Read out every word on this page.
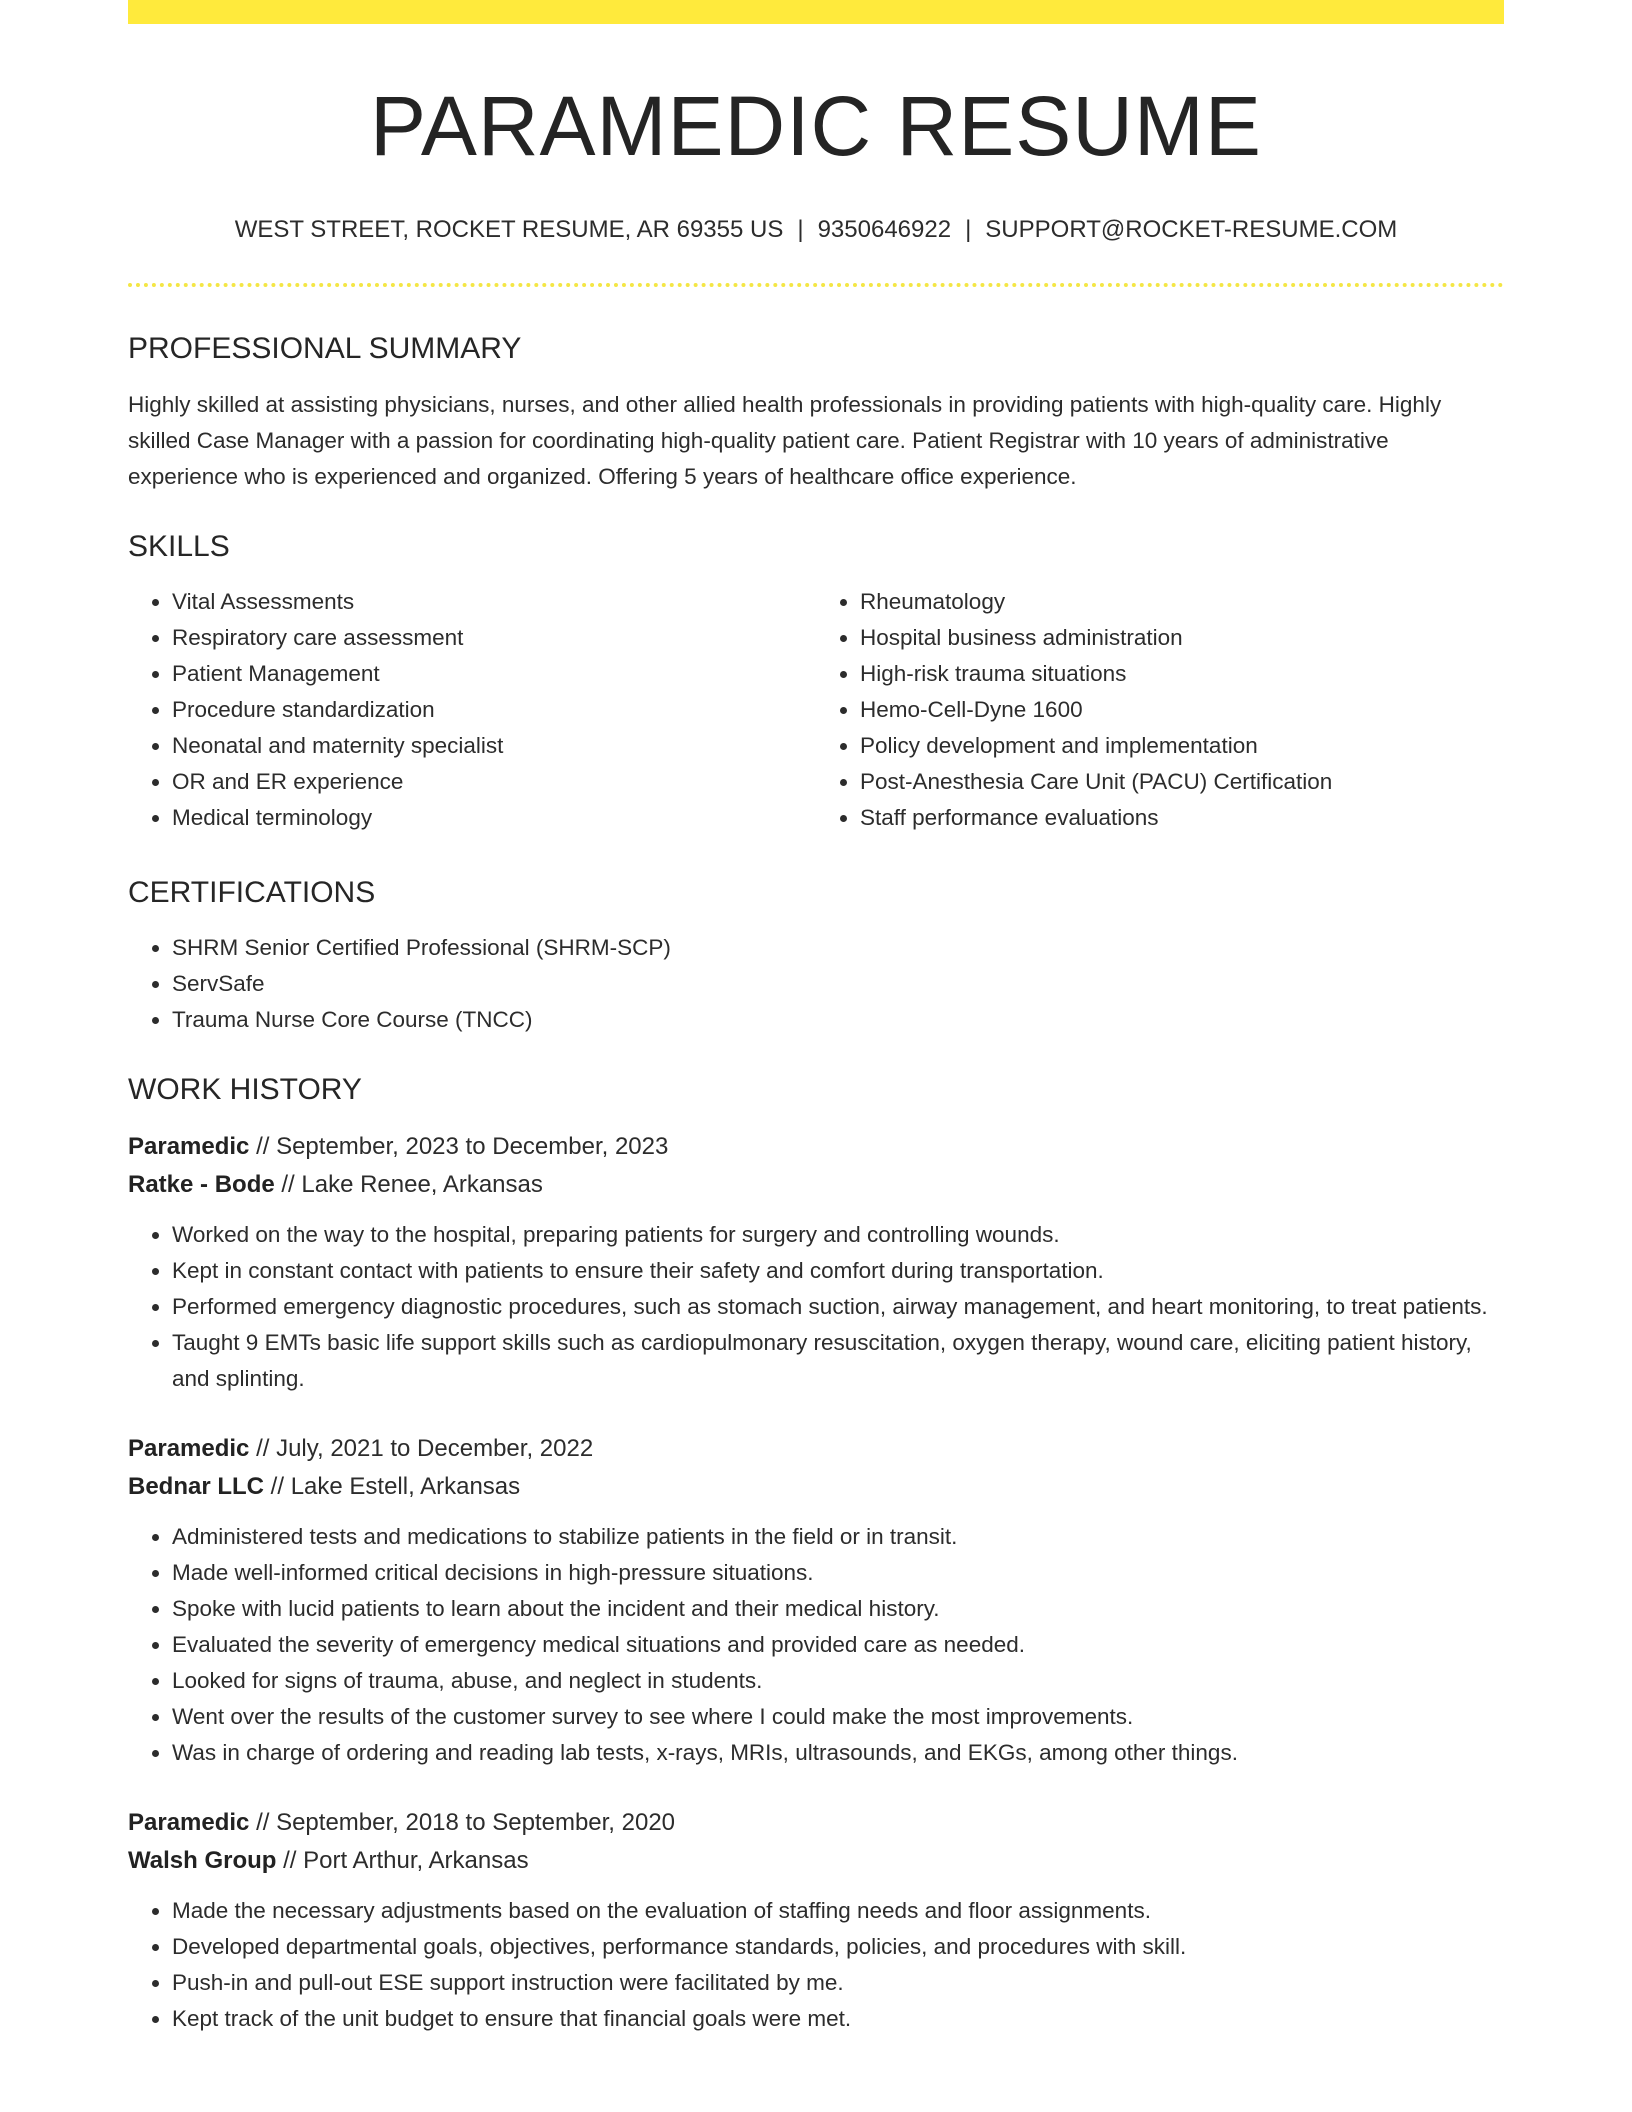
PARAMEDIC RESUME
WEST STREET, ROCKET RESUME, AR 69355 US | 9350646922 | SUPPORT@ROCKET-RESUME.COM
PROFESSIONAL SUMMARY

Highly skilled at assisting physicians, nurses, and other allied health professionals in providing patients with high-quality care. Highly skilled Case Manager with a passion for coordinating high-quality patient care. Patient Registrar with 10 years of administrative experience who is experienced and organized. Offering 5 years of healthcare office experience.

SKILLS
• Vital Assessments
• Respiratory care assessment
• Patient Management
• Procedure standardization
• Neonatal and maternity specialist
• OR and ER experience
• Medical terminology
• Rheumatology
• Hospital business administration
• High-risk trauma situations
• Hemo-Cell-Dyne 1600
• Policy development and implementation
• Post-Anesthesia Care Unit (PACU) Certification
• Staff performance evaluations
CERTIFICATIONS
• SHRM Senior Certified Professional (SHRM-SCP)
• ServSafe
• Trauma Nurse Core Course (TNCC)
WORK HISTORY
Paramedic // September, 2023 to December, 2023
Ratke - Bode // Lake Renee, Arkansas
• Worked on the way to the hospital, preparing patients for surgery and controlling wounds.
• Kept in constant contact with patients to ensure their safety and comfort during transportation.
• Performed emergency diagnostic procedures, such as stomach suction, airway management, and heart monitoring, to treat patients.
• Taught 9 EMTs basic life support skills such as cardiopulmonary resuscitation, oxygen therapy, wound care, eliciting patient history, and splinting.
Paramedic // July, 2021 to December, 2022
Bednar LLC // Lake Estell, Arkansas
• Administered tests and medications to stabilize patients in the field or in transit.
• Made well-informed critical decisions in high-pressure situations.
• Spoke with lucid patients to learn about the incident and their medical history.
• Evaluated the severity of emergency medical situations and provided care as needed.
• Looked for signs of trauma, abuse, and neglect in students.
• Went over the results of the customer survey to see where I could make the most improvements.
• Was in charge of ordering and reading lab tests, x-rays, MRIs, ultrasounds, and EKGs, among other things.
Paramedic // September, 2018 to September, 2020
Walsh Group // Port Arthur, Arkansas
• Made the necessary adjustments based on the evaluation of staffing needs and floor assignments.
• Developed departmental goals, objectives, performance standards, policies, and procedures with skill.
• Push-in and pull-out ESE support instruction were facilitated by me.
• Kept track of the unit budget to ensure that financial goals were met.
